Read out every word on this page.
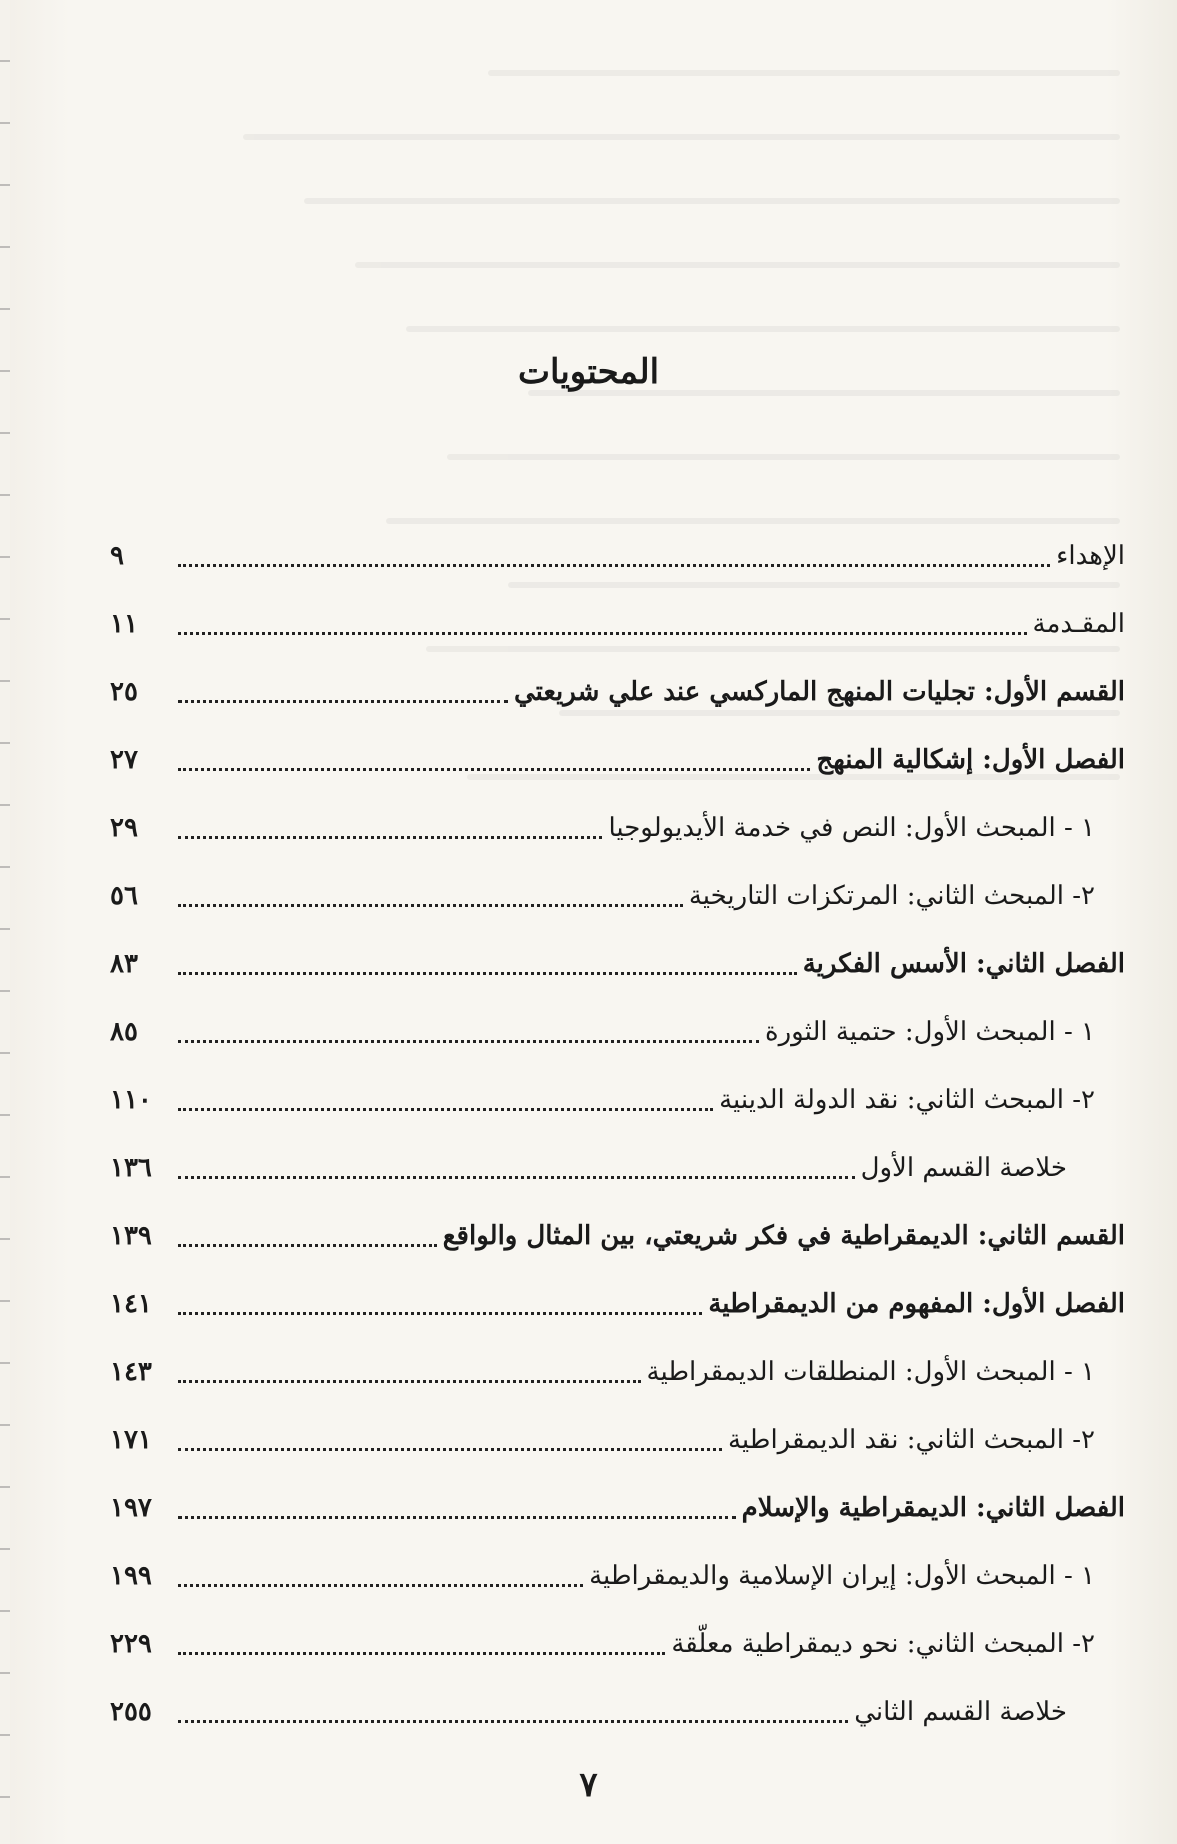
المحتويات
الإهداء
٩
المقـدمة
١١
القسم الأول: تجليات المنهج الماركسي عند علي شريعتي
٢٥
الفصل الأول: إشكالية المنهج
٢٧
١ - المبحث الأول: النص في خدمة الأيديولوجيا
٢٩
٢- المبحث الثاني: المرتكزات التاريخية
٥٦
الفصل الثاني: الأسس الفكرية
٨٣
١ - المبحث الأول: حتمية الثورة
٨٥
٢- المبحث الثاني: نقد الدولة الدينية
١١٠
خلاصة القسم الأول
١٣٦
القسم الثاني: الديمقراطية في فكر شريعتي، بين المثال والواقع
١٣٩
الفصل الأول: المفهوم من الديمقراطية
١٤١
١ - المبحث الأول: المنطلقات الديمقراطية
١٤٣
٢- المبحث الثاني: نقد الديمقراطية
١٧١
الفصل الثاني: الديمقراطية والإسلام
١٩٧
١ - المبحث الأول: إيران الإسلامية والديمقراطية
١٩٩
٢- المبحث الثاني: نحو ديمقراطية معلّقة
٢٢٩
خلاصة القسم الثاني
٢٥٥
٧
